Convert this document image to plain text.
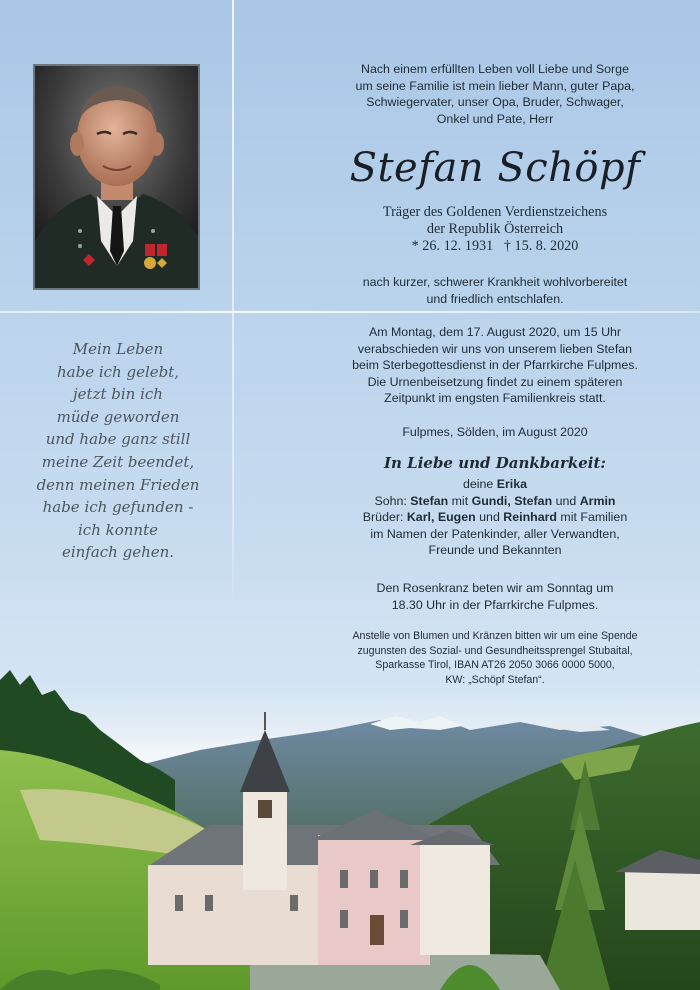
Nach einem erfüllten Leben voll Liebe und Sorge
um seine Familie ist mein lieber Mann, guter Papa,
Schwiegervater, unser Opa, Bruder, Schwager,
Onkel und Pate, Herr
Stefan Schöpf
Träger des Goldenen Verdienstzeichens
der Republik Österreich
* 26. 12. 1931   † 15. 8. 2020
nach kurzer, schwerer Krankheit wohlvorbereitet
und friedlich entschlafen.
Am Montag, dem 17. August 2020, um 15 Uhr
verabschieden wir uns von unserem lieben Stefan
beim Sterbegottesdienst in der Pfarrkirche Fulpmes.
Die Urnenbeisetzung findet zu einem späteren
Zeitpunkt im engsten Familienkreis statt.
Fulpmes, Sölden, im August 2020
In Liebe und Dankbarkeit:
deine Erika
Sohn: Stefan mit Gundi, Stefan und Armin
Brüder: Karl, Eugen und Reinhard mit Familien
im Namen der Patenkinder, aller Verwandten,
Freunde und Bekannten
Den Rosenkranz beten wir am Sonntag um
18.30 Uhr in der Pfarrkirche Fulpmes.
Anstelle von Blumen und Kränzen bitten wir um eine Spende
zugunsten des Sozial- und Gesundheitssprengel Stubaital,
Sparkasse Tirol, IBAN AT26 2050 3066 0000 5000,
KW: „Schöpf Stefan“.
Mein Leben
habe ich gelebt,
jetzt bin ich
müde geworden
und habe ganz still
meine Zeit beendet,
denn meinen Frieden
habe ich gefunden -
ich konnte
einfach gehen.
